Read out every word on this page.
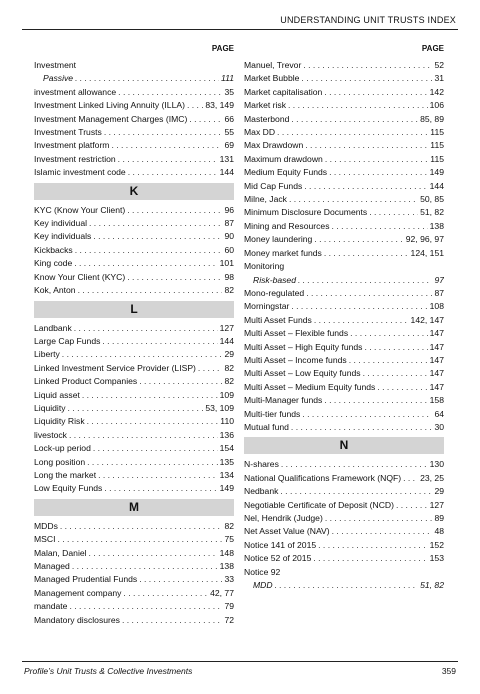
UNDERSTANDING UNIT TRUSTS INDEX
PAGE
Investment
Passive . . .	111
investment allowance . . .	35
Investment Linked Living Annuity (ILLA) . . . 83, 149
Investment Management Charges (IMC) . . .	66
Investment Trusts . . .	55
Investment platform . . .	69
Investment restriction . . .	131
Islamic investment code . . .	144
K
KYC (Know Your Client) . . .	96
Key individual . . .	87
Key individuals . . .	90
Kickbacks . . .	60
King code . . .	101
Know Your Client (KYC) . . .	98
Kok, Anton . . .	82
L
Landbank . . .	127
Large Cap Funds . . .	144
Liberty . . .	29
Linked Investment Service Provider (LISP) . . .	82
Linked Product Companies . . .	82
Liquid asset . . .	109
Liquidity . . .	53, 109
Liquidity Risk . . .	110
livestock . . .	136
Lock-up period . . .	154
Long position . . .	135
Long the market . . .	134
Low Equity Funds . . .	149
M
MDDs . . .	82
MSCI . . .	75
Malan, Daniel . . .	148
Managed . . .	138
Managed Prudential Funds . . .	33
Management company . . .	42, 77
mandate . . .	79
Mandatory disclosures . . .	72
PAGE
Manuel, Trevor . . .	52
Market Bubble . . .	31
Market capitalisation . . .	142
Market risk . . .	106
Masterbond . . .	85, 89
Max DD . . .	115
Max Drawdown . . .	115
Maximum drawdown . . .	115
Medium Equity Funds . . .	149
Mid Cap Funds . . .	144
Milne, Jack . . .	50, 85
Minimum Disclosure Documents . . .	51, 82
Mining and Resources . . .	138
Money laundering . . .	92, 96, 97
Money market funds . . .	124, 151
Monitoring
Risk-based . . .	97
Mono-regulated . . .	87
Morningstar . . .	108
Multi Asset Funds . . .	142, 147
Multi Asset – Flexible funds . . .	147
Multi Asset – High Equity funds . . .	147
Multi Asset – Income funds . . .	147
Multi Asset – Low Equity funds . . .	147
Multi Asset – Medium Equity funds . . .	147
Multi-Manager funds . . .	158
Multi-tier funds . . .	64
Mutual fund . . .	30
N
N-shares . . .	130
National Qualifications Framework (NQF) . . . 23, 25
Nedbank . . .	29
Negotiable Certificate of Deposit (NCD) . . .	127
Nel, Hendrik (Judge) . . .	89
Net Asset Value (NAV) . . .	48
Notice 141 of 2015 . . .	152
Notice 52 of 2015 . . .	153
Notice 92
MDD . . .	51, 82
Profile’s Unit Trusts & Collective Investments	359
